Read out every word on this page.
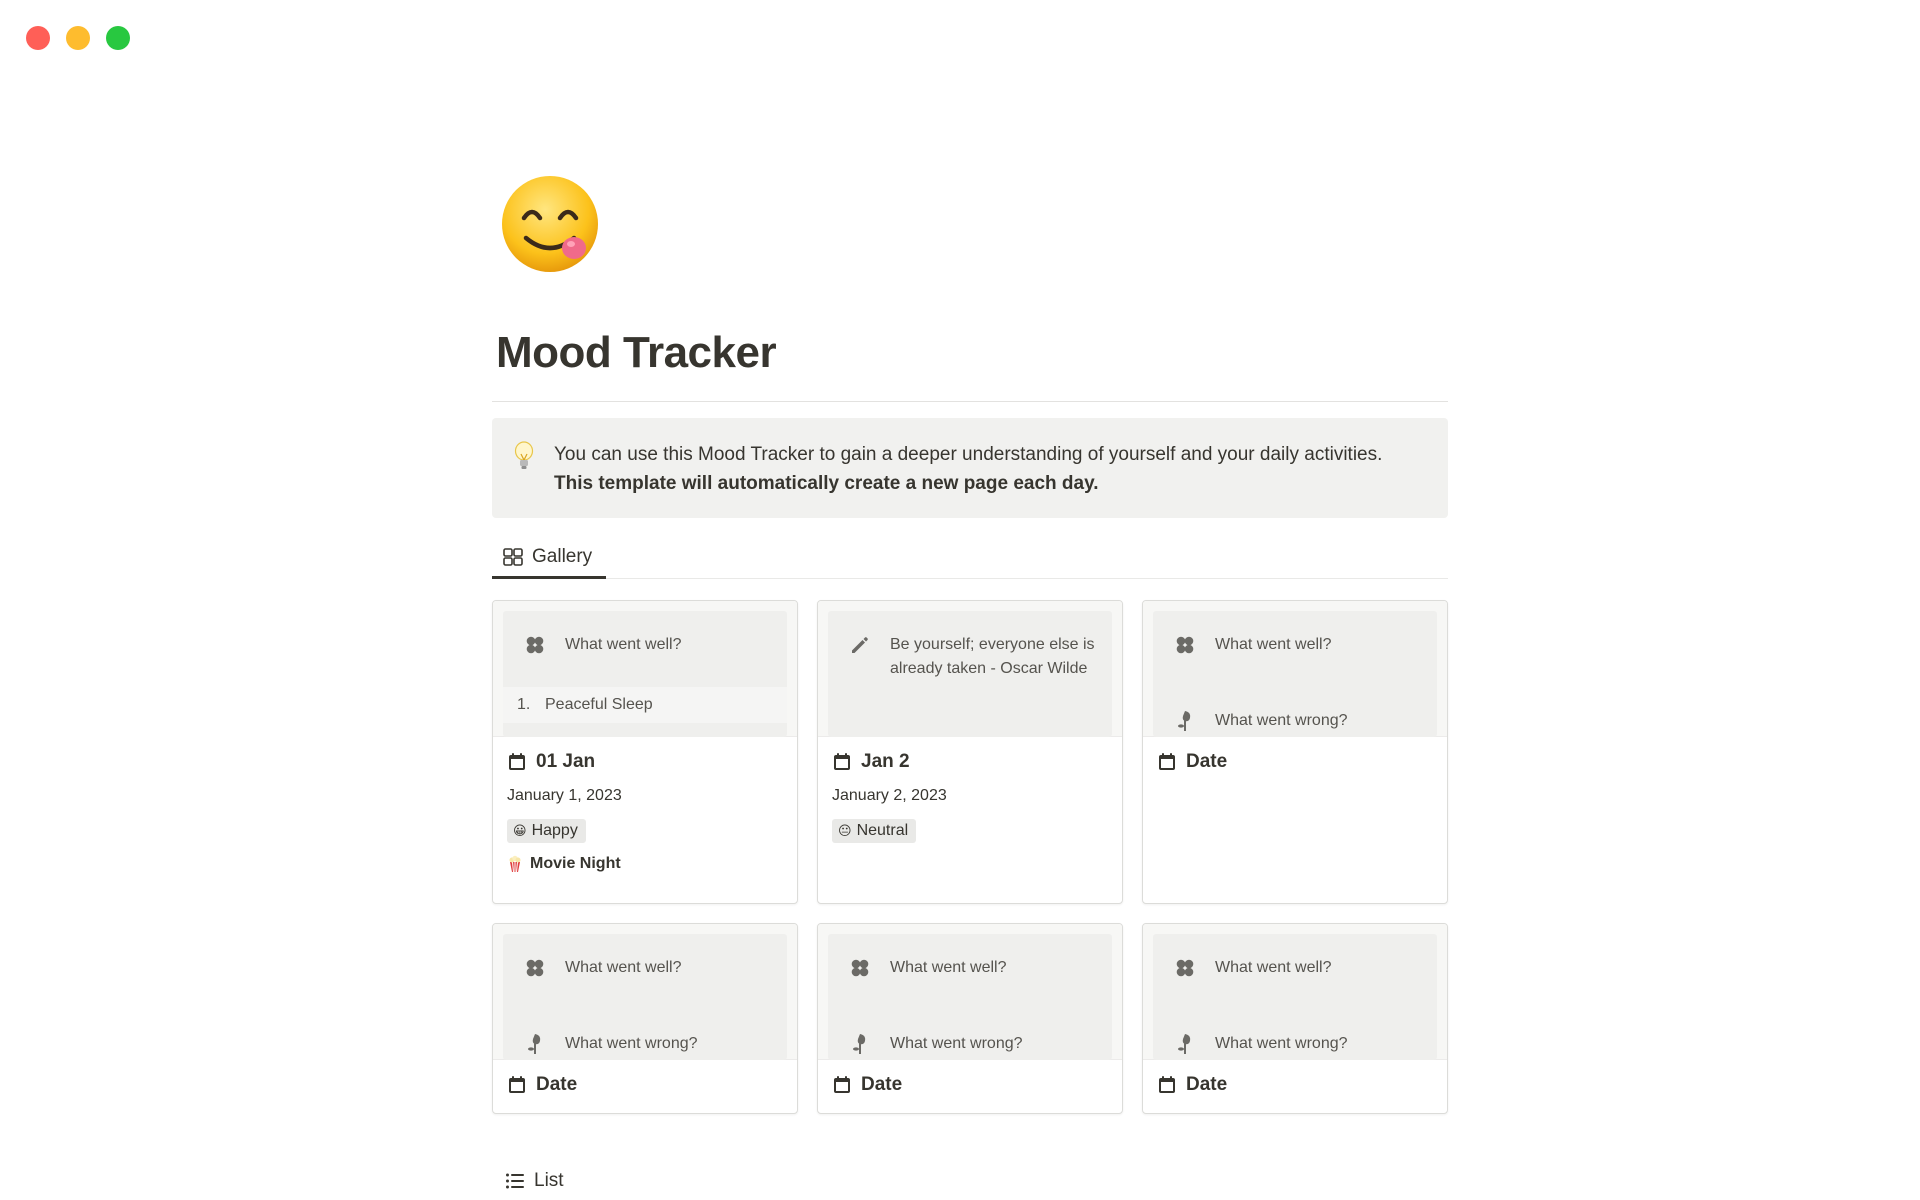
Mood Tracker
You can use this Mood Tracker to gain a deeper understanding of yourself and your daily activities.
This template will automatically create a new page each day.
Gallery
What went well?
1. Peaceful Sleep
01 Jan
January 1, 2023
😀 Happy
Movie Night
Be yourself; everyone else is already taken - Oscar Wilde
Jan 2
January 2, 2023
😐 Neutral
What went well?
What went wrong?
Date
What went well?
What went wrong?
Date
What went well?
What went wrong?
Date
What went well?
What went wrong?
Date
List
